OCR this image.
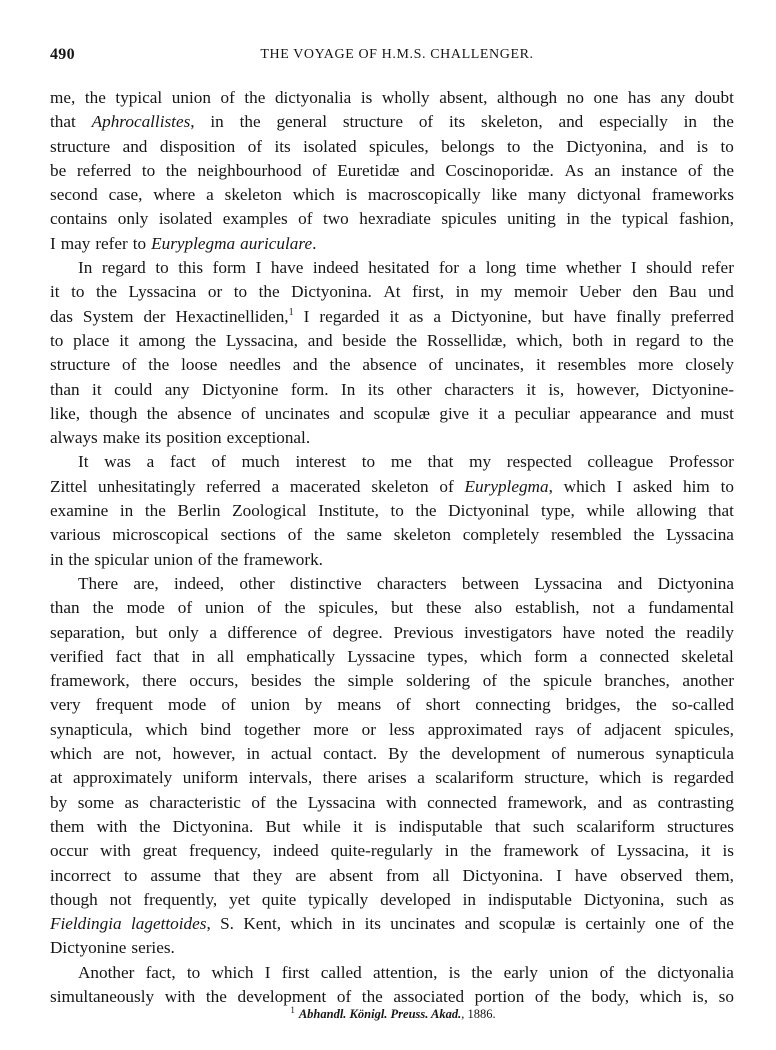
490	THE VOYAGE OF H.M.S. CHALLENGER.
me, the typical union of the dictyonalia is wholly absent, although no one has any doubt
that Aphrocallistes, in the general structure of its skeleton, and especially in the
structure and disposition of its isolated spicules, belongs to the Dictyonina, and is to
be referred to the neighbourhood of Euretidæ and Coscinoporidæ. As an instance of the
second case, where a skeleton which is macroscopically like many dictyonal frameworks
contains only isolated examples of two hexradiate spicules uniting in the typical fashion,
I may refer to Euryplegma auriculare.
In regard to this form I have indeed hesitated for a long time whether I should refer
it to the Lyssacina or to the Dictyonina. At first, in my memoir Ueber den Bau und
das System der Hexactinelliden,$^1$ I regarded it as a Dictyonine, but have finally preferred
to place it among the Lyssacina, and beside the Rossellidæ, which, both in regard to the
structure of the loose needles and the absence of uncinates, it resembles more closely
than it could any Dictyonine form. In its other characters it is, however, Dictyonine-
like, though the absence of uncinates and scopulæ give it a peculiar appearance and must
always make its position exceptional.
It was a fact of much interest to me that my respected colleague Professor
Zittel unhesitatingly referred a macerated skeleton of Euryplegma, which I asked him to
examine in the Berlin Zoological Institute, to the Dictyoninal type, while allowing that
various microscopical sections of the same skeleton completely resembled the Lyssacina
in the spicular union of the framework.
There are, indeed, other distinctive characters between Lyssacina and Dictyonina
than the mode of union of the spicules, but these also establish, not a fundamental
separation, but only a difference of degree. Previous investigators have noted the readily
verified fact that in all emphatically Lyssacine types, which form a connected skeletal
framework, there occurs, besides the simple soldering of the spicule branches, another
very frequent mode of union by means of short connecting bridges, the so-called
synapticula, which bind together more or less approximated rays of adjacent spicules,
which are not, however, in actual contact. By the development of numerous synapticula
at approximately uniform intervals, there arises a scalariform structure, which is regarded
by some as characteristic of the Lyssacina with connected framework, and as contrasting
them with the Dictyonina. But while it is indisputable that such scalariform structures
occur with great frequency, indeed quite-regularly in the framework of Lyssacina, it is
incorrect to assume that they are absent from all Dictyonina. I have observed them,
though not frequently, yet quite typically developed in indisputable Dictyonina, such as
Fieldingia lagettoides, S. Kent, which in its uncinates and scopulæ is certainly one of the
Dictyonine series.
Another fact, to which I first called attention, is the early union of the dictyonalia
simultaneously with the development of the associated portion of the body, which is, so
$^1$ Abhandl. Königl. Preuss. Akad., 1886.
